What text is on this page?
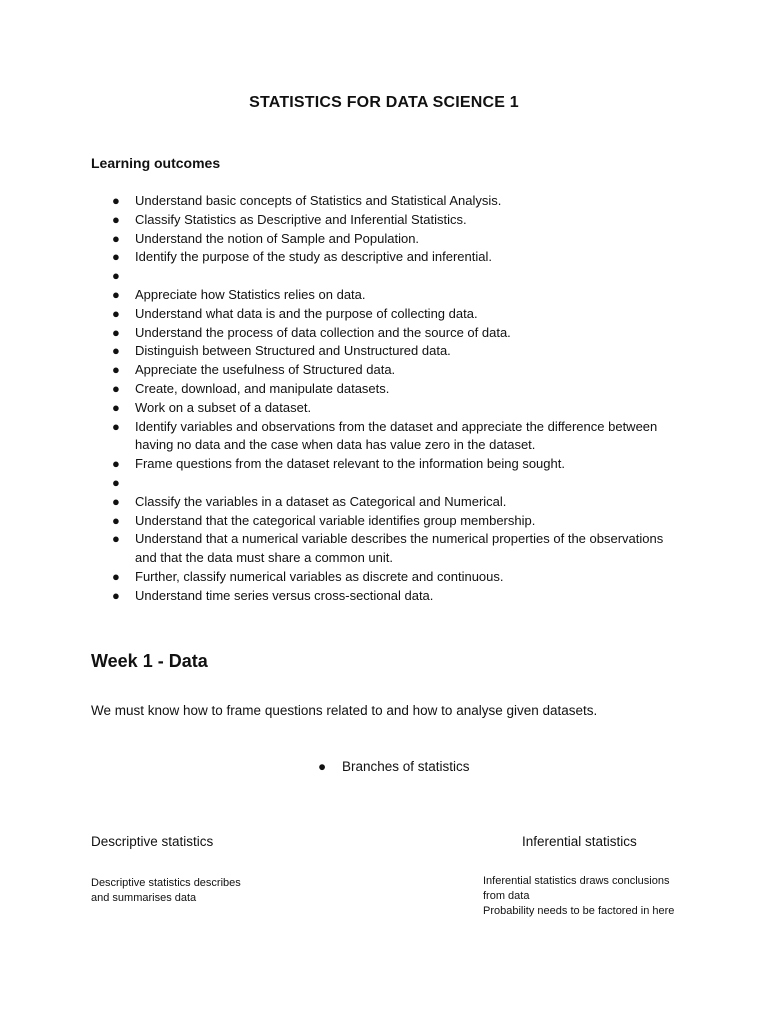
STATISTICS FOR DATA SCIENCE 1
Learning outcomes
● Understand basic concepts of Statistics and Statistical Analysis.
● Classify Statistics as Descriptive and Inferential Statistics.
● Understand the notion of Sample and Population.
● Identify the purpose of the study as descriptive and inferential.
●

● Appreciate how Statistics relies on data.
● Understand what data is and the purpose of collecting data.
● Understand the process of data collection and the source of data.
● Distinguish between Structured and Unstructured data.
● Appreciate the usefulness of Structured data.
● Create, download, and manipulate datasets.
● Work on a subset of a dataset.
● Identify variables and observations from the dataset and appreciate the difference between having no data and the case when data has value zero in the dataset.
● Frame questions from the dataset relevant to the information being sought.
●

● Classify the variables in a dataset as Categorical and Numerical.
● Understand that the categorical variable identifies group membership.
● Understand that a numerical variable describes the numerical properties of the observations and that the data must share a common unit.
● Further, classify numerical variables as discrete and continuous.
● Understand time series versus cross-sectional data.
Week 1 - Data
We must know how to frame questions related to and how to analyse given datasets.
● Branches of statistics
Descriptive statistics	Inferential statistics
Descriptive statistics describes
and summarises data
Inferential statistics draws conclusions
from data
Probability needs to be factored in here
